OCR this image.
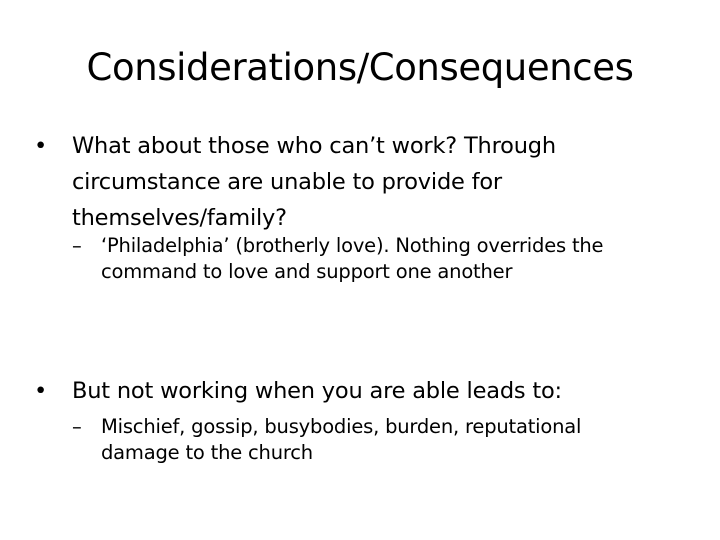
Considerations/Consequences
•	What about those who can’t work? Through circumstance are unable to provide for themselves/family?
– ‘Philadelphia’ (brotherly love). Nothing overrides the command to love and support one another
•	But not working when you are able leads to:
– Mischief, gossip, busybodies, burden, reputational damage to the church
